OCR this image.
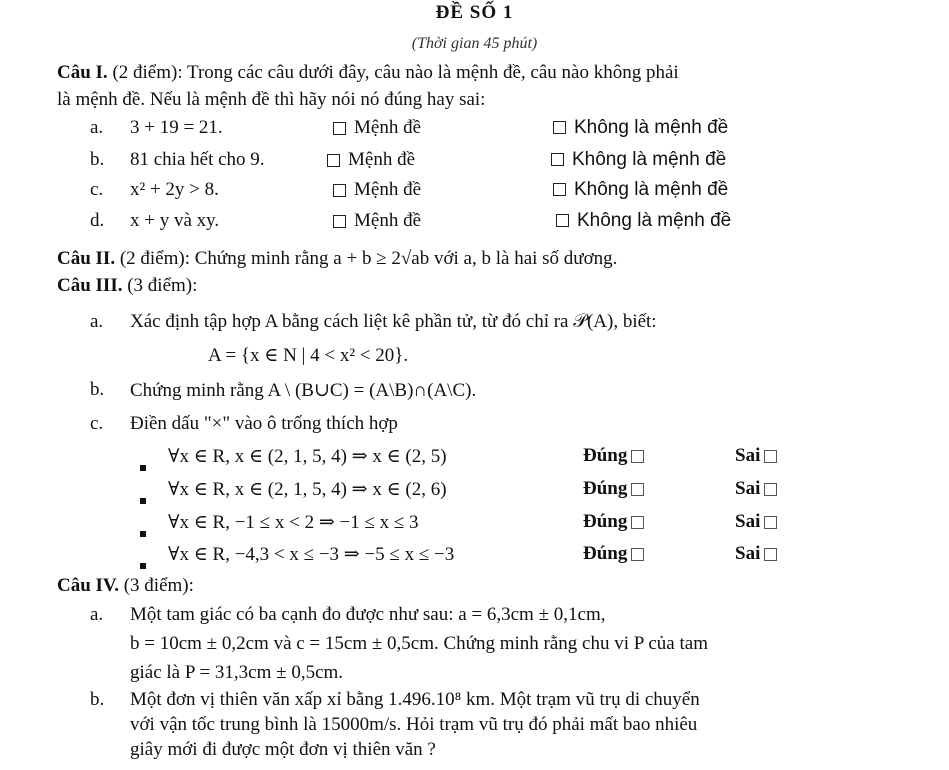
ĐỀ SỐ 1
(Thời gian 45 phút)
Câu I. (2 điểm): Trong các câu dưới đây, câu nào là mệnh đề, câu nào không phải
là mệnh đề. Nếu là mệnh đề thì hãy nói nó đúng hay sai:
a. 3 + 19 = 21.	Mệnh đề	Không là mệnh đề
b. 81 chia hết cho 9.	Mệnh đề	Không là mệnh đề
c. x² + 2y > 8.	Mệnh đề	Không là mệnh đề
d. x + y và xy.	Mệnh đề	Không là mệnh đề
Câu II. (2 điểm): Chứng minh rằng a + b ≥ 2√ab với a, b là hai số dương.
Câu III. (3 điểm):
a. Xác định tập hợp A bằng cách liệt kê phần tử, từ đó chỉ ra 𝒫(A), biết:
A = {x ∈ N | 4 < x² < 20}.
b. Chứng minh rằng A \ (B∪C) = (A\B)∩(A\C).
c. Điền dấu "×" vào ô trống thích hợp
∀x ∈ R, x ∈ (2, 1, 5, 4) ⇒ x ∈ (2, 5)	Đúng	Sai
∀x ∈ R, x ∈ (2, 1, 5, 4) ⇒ x ∈ (2, 6)	Đúng	Sai
∀x ∈ R, −1 ≤ x < 2 ⇒ −1 ≤ x ≤ 3	Đúng	Sai
∀x ∈ R, −4,3 < x ≤ −3 ⇒ −5 ≤ x ≤ −3	Đúng	Sai
Câu IV. (3 điểm):
a. Một tam giác có ba cạnh đo được như sau: a = 6,3cm ± 0,1cm,
b = 10cm ± 0,2cm và c = 15cm ± 0,5cm. Chứng minh rằng chu vi P của tam
giác là P = 31,3cm ± 0,5cm.
b. Một đơn vị thiên văn xấp xỉ bằng 1.496.10⁸ km. Một trạm vũ trụ di chuyển
với vận tốc trung bình là 15000m/s. Hỏi trạm vũ trụ đó phải mất bao nhiêu
giây mới đi được một đơn vị thiên văn ?
